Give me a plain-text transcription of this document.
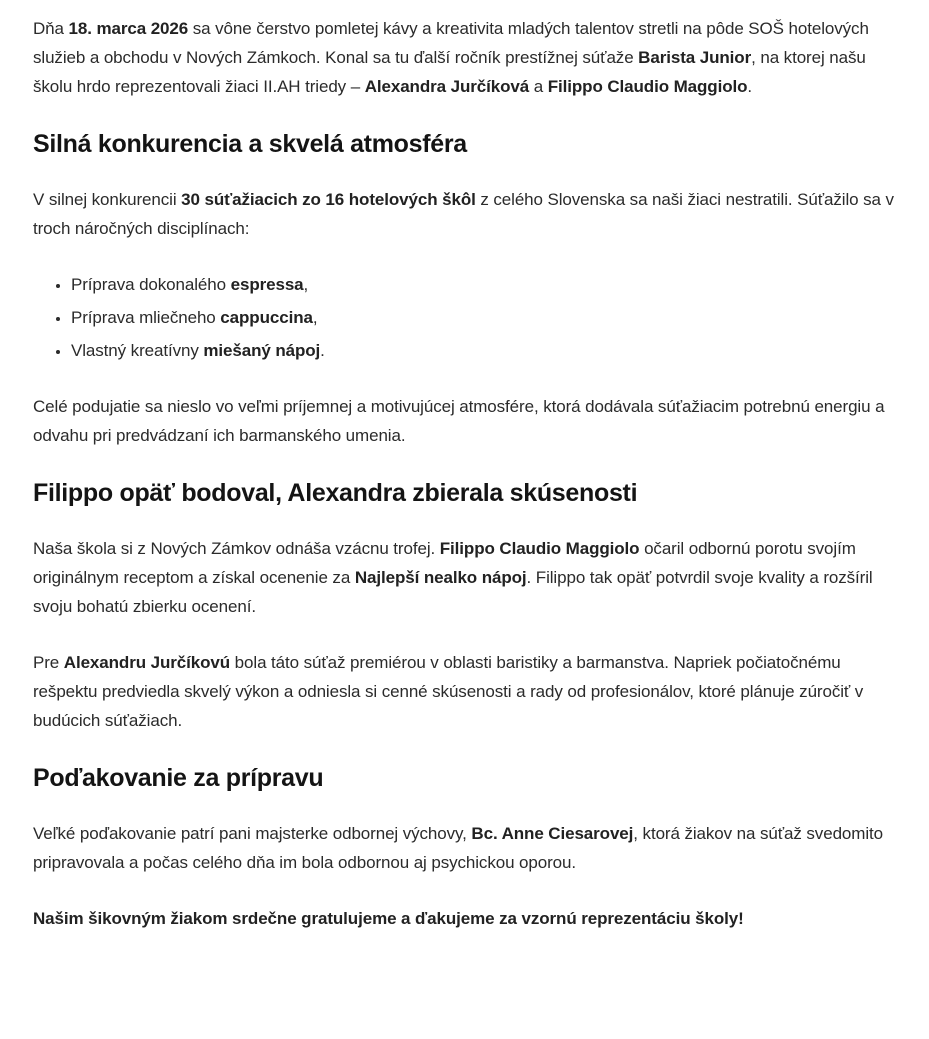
Dňa 18. marca 2026 sa vône čerstvo pomletej kávy a kreativita mladých talentov stretli na pôde SOŠ hotelových služieb a obchodu v Nových Zámkoch. Konal sa tu ďalší ročník prestížnej súťaže Barista Junior, na ktorej našu školu hrdo reprezentovali žiaci II.AH triedy – Alexandra Jurčíková a Filippo Claudio Maggiolo.

Silná konkurencia a skvelá atmosféra

V silnej konkurencii 30 súťažiacich zo 16 hotelových škôl z celého Slovenska sa naši žiaci nestratili. Súťažilo sa v troch náročných disciplínach:

• Príprava dokonalého espressa,
• Príprava mliečneho cappuccina,
• Vlastný kreatívny miešaný nápoj.

Celé podujatie sa nieslo vo veľmi príjemnej a motivujúcej atmosfére, ktorá dodávala súťažiacim potrebnú energiu a odvahu pri predvádzaní ich barmanského umenia.

Filippo opäť bodoval, Alexandra zbierala skúsenosti

Naša škola si z Nových Zámkov odnáša vzácnu trofej. Filippo Claudio Maggiolo očaril odbornú porotu svojím originálnym receptom a získal ocenenie za Najlepší nealko nápoj. Filippo tak opäť potvrdil svoje kvality a rozšíril svoju bohatú zbierku ocenení.

Pre Alexandru Jurčíkovú bola táto súťaž premiérou v oblasti baristiky a barmanstva. Napriek počiatočnému rešpektu predviedla skvelý výkon a odniesla si cenné skúsenosti a rady od profesionálov, ktoré plánuje zúročiť v budúcich súťažiach.

Poďakovanie za prípravu

Veľké poďakovanie patrí pani majsterke odbornej výchovy, Bc. Anne Ciesarovej, ktorá žiakov na súťaž svedomito pripravovala a počas celého dňa im bola odbornou aj psychickou oporou.

Našim šikovným žiakom srdečne gratulujeme a ďakujeme za vzornú reprezentáciu školy!
